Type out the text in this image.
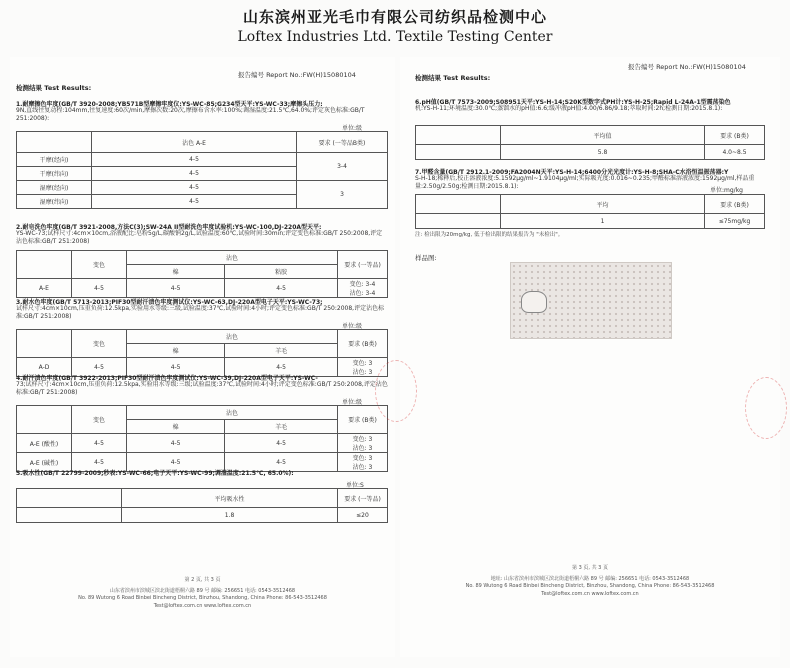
山东滨州亚光毛巾有限公司纺织品检测中心
Loftex Industries Ltd. Textile Testing Center
报告编号 Report No.:FW(H)15080104
检测结果 Test Results:
1.耐摩擦色牢度(GB/T 3920-2008;YB571B型摩擦牢度仪:YS-WC-85;G234型天平:YS-WC-33;摩擦头压力:
9N,直线往复动程:104mm,往复速度:60次/min,摩擦次数:20次,摩擦布含水率:100%;调湿温度:21.5℃,64.0%;评定灰色标准:GB/T 251:2008):
单位:级
	沾色 A-E	要求 (一等品B类)
干摩(经向)	4-5	3-4
干摩(纬向)	4-5	
湿摩(经向)	4-5	3
湿摩(纬向)	4-5	
2.耐皂洗色牢度(GB/T 3921-2008,方法C(3);SW-24A II型耐洗色牢度试验机:YS-WC-100,DJ-220A型天平:
YS-WC-73;试样尺寸:4cm×10cm,浴液配比:皂粉5g/L,碳酸钠2g/L,试验温度:60℃,试验时间:30min;评定变色标准:GB/T 250:2008,评定沾色标准:GB/T 251:2008)
	变色	沾色		要求 (一等品)
		棉	粘胶	
A-E	4-5	4-5	4-5	变色: 3-4
沾色: 3-4
3.耐水色牢度(GB/T 5713-2013;PIF30型耐汗渍色牢度测试仪:YS-WC-63,DJ-220A型电子天平:YS-WC-73;
试样尺寸:4cm×10cm,压重负荷:12.5kpa,实验用水等级:三级,试验温度:37℃,试验时间:4小时;评定变色标准:GB/T 250:2008,评定沾色标准:GB/T 251:2008)
单位:级
	变色	沾色		要求 (B类)
		棉	羊毛	
A-D	4-5	4-5	4-5	变色: 3
沾色: 3
4.耐汗渍色牢度(GB/T 3922-2013;PIF30型耐汗渍色牢度测试仪:YS-WC-39,DJ-220A型电子天平:YS-WC-
73;试样尺寸:4cm×10cm,压重负荷:12.5kpa,实验用水等级:三级;试验温度:37℃,试验时间:4小时;评定变色标准:GB/T 250:2008,评定沾色标准:GB/T 251:2008)
单位:级
	变色	沾色		要求 (B类)
		棉	羊毛	
A-E (酸性)	4-5	4-5	4-5	变色: 3
沾色: 3

A-E (碱性)	4-5	4-5	4-5	变色: 3
沾色: 3
5.吸水性(GB/T 22799-2009;秒表:YS-WC-66;电子天平:YS-WC-99;调湿温度:21.5℃, 65.0%):
单位:S
	平均吸水性	要求 (一等品)
	1.8	≤20
第 2 页, 共 3 页
山东省滨州市滨城区滨北街道梧桐六路 89 号 邮编: 256651 电话: 0543-3512468
No. 89 Wutong 6 Road Binbei Bincheng District, Binzhou, Shandong, China Phone: 86-543-3512468
Test@loftex.com.cn www.loftex.com.cn
报告编号 Report No.:FW(H)15080104
检测结果 Test Results:
6.pH值(GB/T 7573-2009;S08951天平:YS-H-14;S20K型数字式PH计:YS-H-25;Rapid L-24A-1型震荡染色
机:YS-H-11;环境温度:30.0℃;蒸馏水的pH值:6.6;缓冲液pH值:4.00/6.86/9.18;萃取时间:2h;检测日期:2015.8.1):
	平均值	要求 (B类)
	5.8	4.0~8.5
7.甲醛含量(GB/T 2912.1-2009;FA2004N天平:YS-H-14;6400分光光度计:YS-H-8;SHA-C水浴恒温振荡器:Y
S-H-18;稀释后,校正溶液浓度:5.1592μg/ml~1.9104μg/ml;实际吸光度:0.016~0.235;甲醛标准溶液浓度:1592μg/ml,样品重量:2.50g/2.50g;检测日期:2015.8.1):
单位:mg/kg
	平均	要求 (B类)
	1	≤75mg/kg
注: 检出限为20mg/kg, 低于检出限的结果报告为 "未检出"。
样品图:
第 3 页, 共 3 页
地址: 山东省滨州市滨城区滨北街道梧桐六路 89 号 邮编: 256651 电话: 0543-3512468
No. 89 Wutong 6 Road Binbei Bincheng District, Binzhou, Shandong, China Phone: 86-543-3512468
Test@loftex.com.cn www.loftex.com.cn
